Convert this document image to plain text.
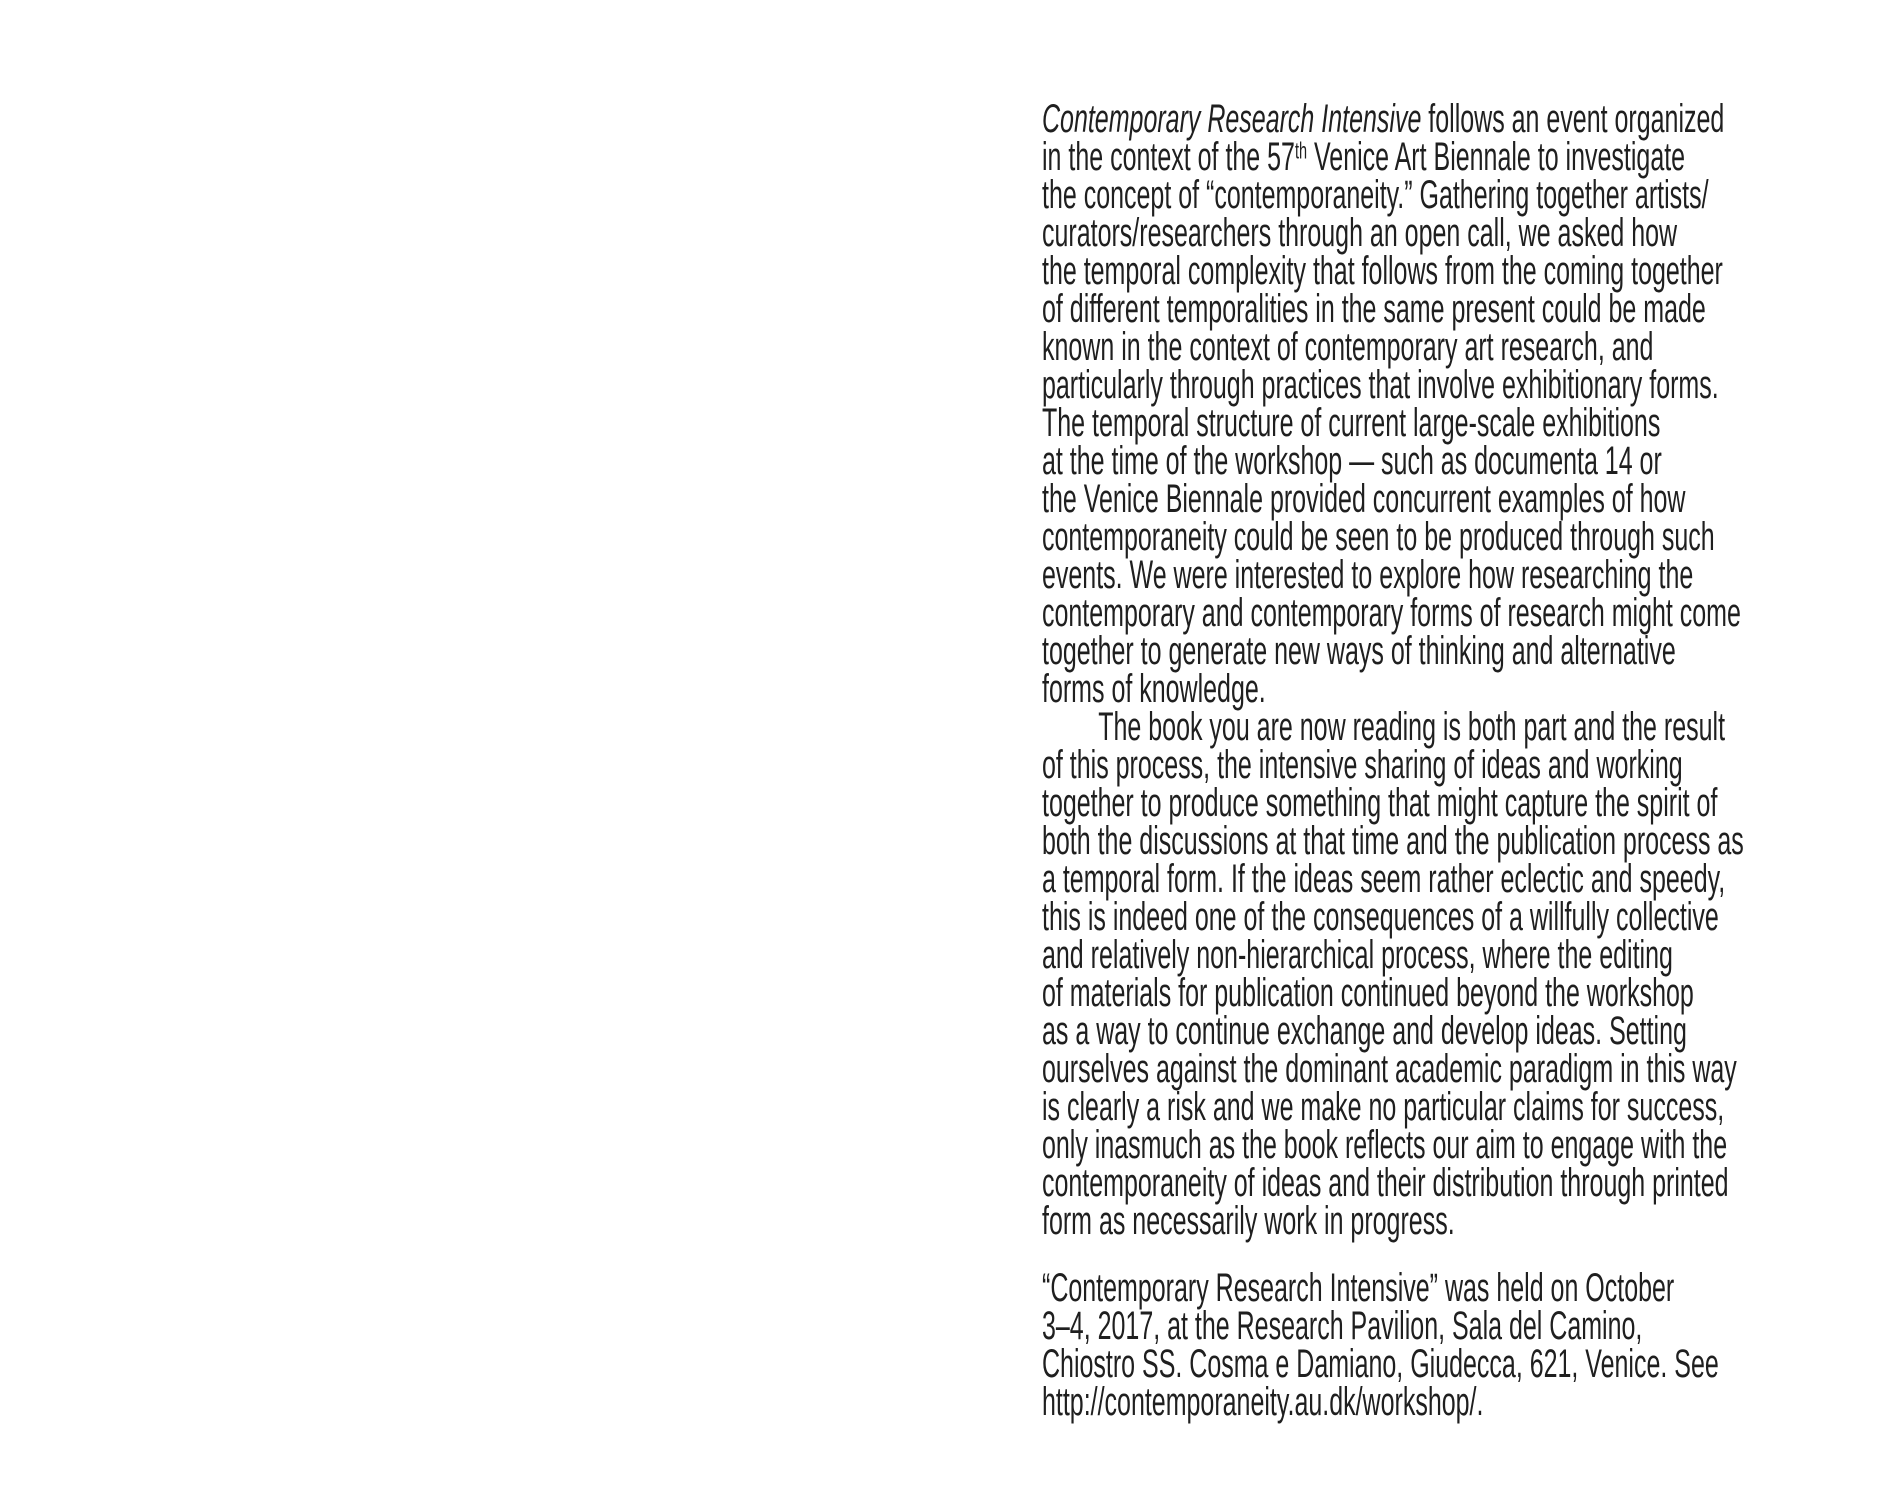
Contemporary Research Intensive follows an event organized
in the context of the 57th Venice Art Biennale to investigate
the concept of “contemporaneity.” Gathering together artists/
curators/researchers through an open call, we asked how
the temporal complexity that follows from the coming together
of different temporalities in the same present could be made
known in the context of contemporary art research, and
particularly through practices that involve exhibitionary forms.
The temporal structure of current large-scale exhibitions
at the time of the workshop — such as documenta 14 or
the Venice Biennale provided concurrent examples of how
contemporaneity could be seen to be produced through such
events. We were interested to explore how researching the
contemporary and contemporary forms of research might come
together to generate new ways of thinking and alternative
forms of knowledge.
The book you are now reading is both part and the result
of this process, the intensive sharing of ideas and working
together to produce something that might capture the spirit of
both the discussions at that time and the publication process as
a temporal form. If the ideas seem rather eclectic and speedy,
this is indeed one of the consequences of a willfully collective
and relatively non-hierarchical process, where the editing
of materials for publication continued beyond the workshop
as a way to continue exchange and develop ideas. Setting
ourselves against the dominant academic paradigm in this way
is clearly a risk and we make no particular claims for success,
only inasmuch as the book reflects our aim to engage with the
contemporaneity of ideas and their distribution through printed
form as necessarily work in progress.
“Contemporary Research Intensive” was held on October
3–4, 2017, at the Research Pavilion, Sala del Camino,
Chiostro SS. Cosma e Damiano, Giudecca, 621, Venice. See
http://contemporaneity.au.dk/workshop/.
